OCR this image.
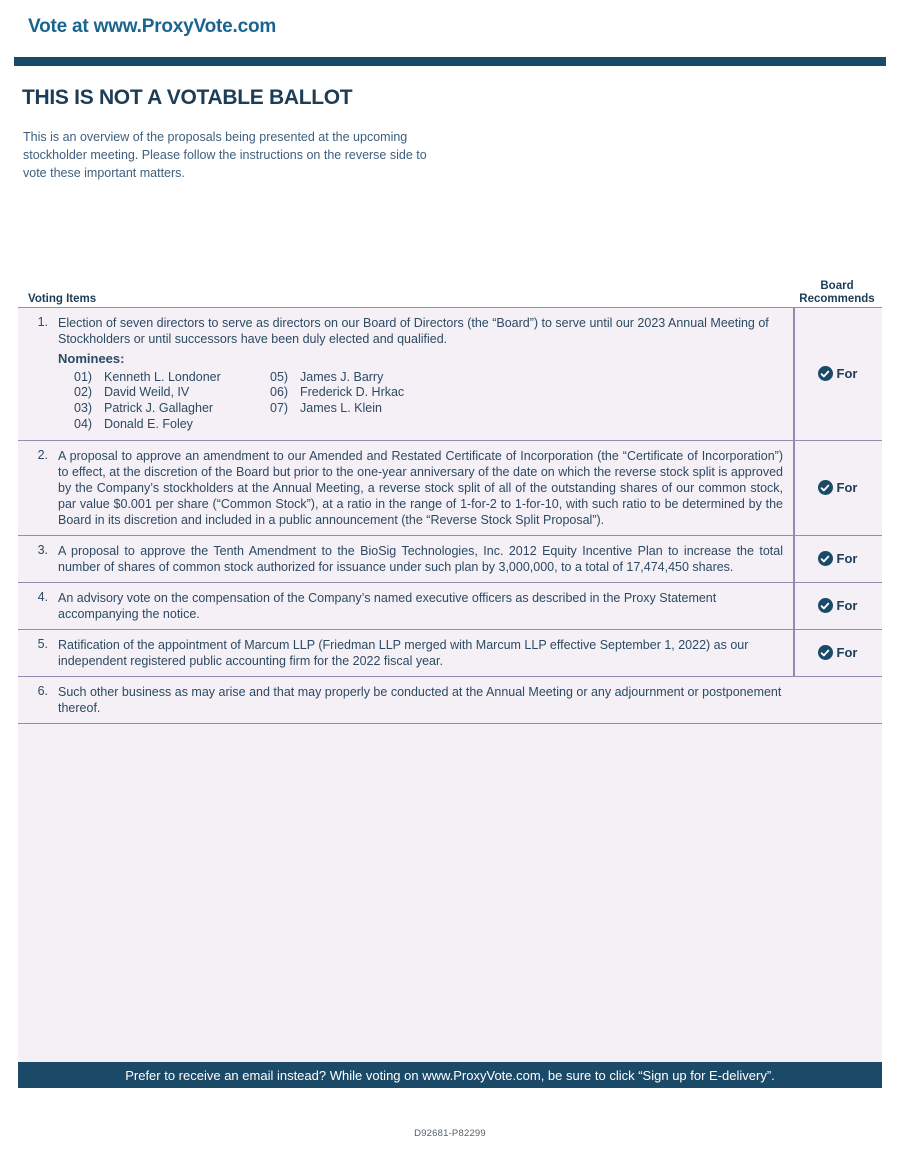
Vote at www.ProxyVote.com
THIS IS NOT A VOTABLE BALLOT
This is an overview of the proposals being presented at the upcoming stockholder meeting. Please follow the instructions on the reverse side to vote these important matters.
Voting Items
Board
Recommends
1. Election of seven directors to serve as directors on our Board of Directors (the “Board”) to serve until our 2023 Annual Meeting of Stockholders or until successors have been duly elected and qualified.
Nominees:
01) Kenneth L. Londoner
02) David Weild, IV
03) Patrick J. Gallagher
04) Donald E. Foley
05) James J. Barry
06) Frederick D. Hrkac
07) James L. Klein
For
2. A proposal to approve an amendment to our Amended and Restated Certificate of Incorporation (the “Certificate of Incorporation”) to effect, at the discretion of the Board but prior to the one-year anniversary of the date on which the reverse stock split is approved by the Company’s stockholders at the Annual Meeting, a reverse stock split of all of the outstanding shares of our common stock, par value $0.001 per share (“Common Stock”), at a ratio in the range of 1-for-2 to 1-for-10, with such ratio to be determined by the Board in its discretion and included in a public announcement (the “Reverse Stock Split Proposal”).
For
3. A proposal to approve the Tenth Amendment to the BioSig Technologies, Inc. 2012 Equity Incentive Plan to increase the total number of shares of common stock authorized for issuance under such plan by 3,000,000, to a total of 17,474,450 shares.
For
4. An advisory vote on the compensation of the Company’s named executive officers as described in the Proxy Statement accompanying the notice.
For
5. Ratification of the appointment of Marcum LLP (Friedman LLP merged with Marcum LLP effective September 1, 2022) as our independent registered public accounting firm for the 2022 fiscal year.
For
6. Such other business as may arise and that may properly be conducted at the Annual Meeting or any adjournment or postponement thereof.
Prefer to receive an email instead? While voting on www.ProxyVote.com, be sure to click “Sign up for E-delivery”.
D92681-P82299
